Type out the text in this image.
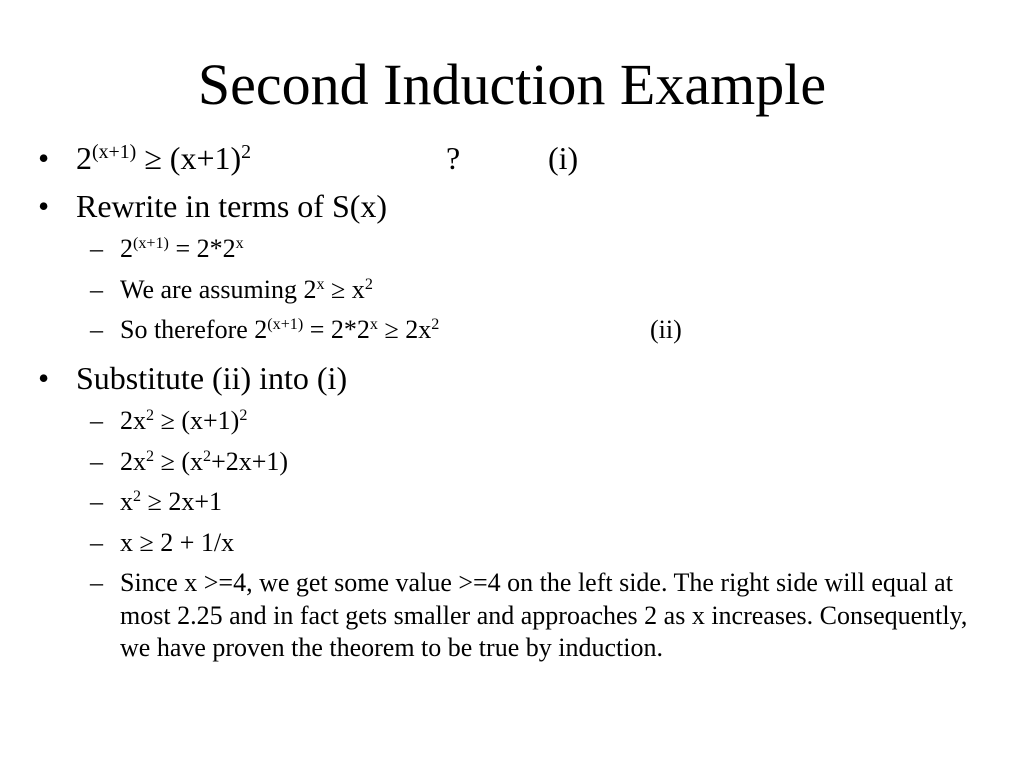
Second Induction Example
• $2^{(x+1)} \ge (x+1)^2$	?	(i)
• Rewrite in terms of S(x)
– $2^{(x+1)} = 2*2^x$
– We are assuming $2^x \ge x^2$
– So therefore $2^{(x+1)} = 2*2^x \ge 2x^2$	(ii)
• Substitute (ii) into (i)
– $2x^2 \ge (x+1)^2$
– $2x^2 \ge (x^2+2x+1)$
– $x^2 \ge 2x+1$
– x ≥ 2 + 1/x
– Since x >=4, we get some value >=4 on the left side. The right side will equal at most 2.25 and in fact gets smaller and approaches 2 as x increases. Consequently, we have proven the theorem to be true by induction.
